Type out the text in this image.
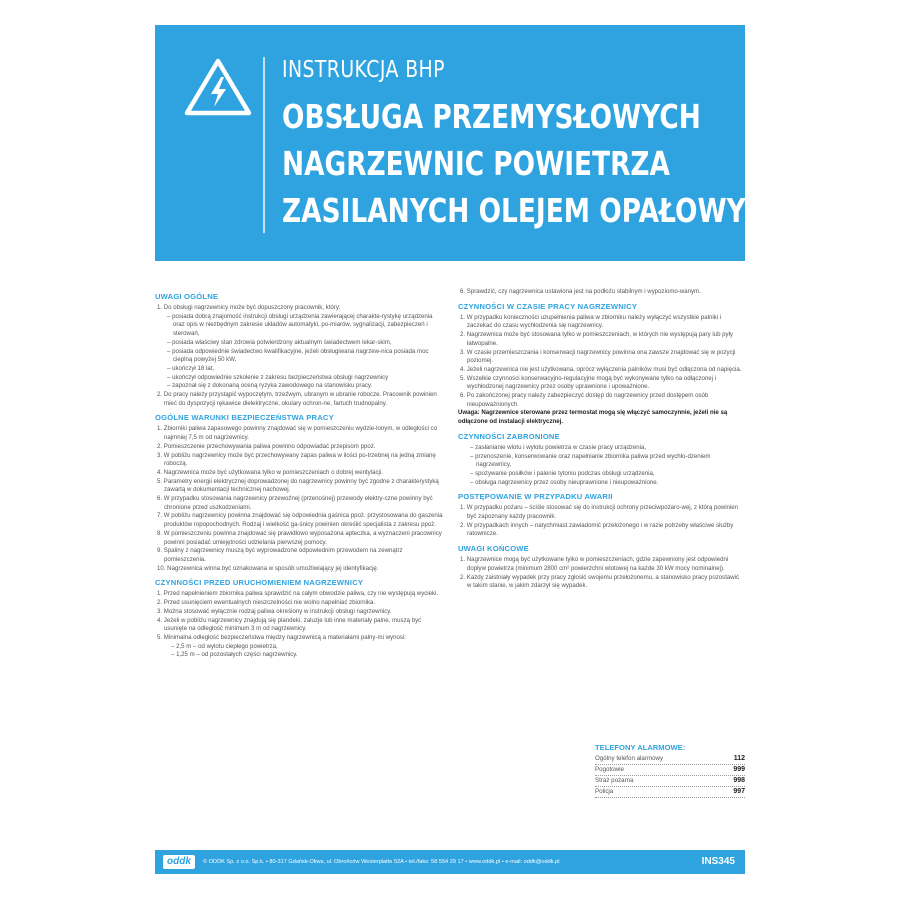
INSTRUKCJA BHP
OBSŁUGA PRZEMYSŁOWYCH
NAGRZEWNIC POWIETRZA
ZASILANYCH OLEJEM OPAŁOWYM
UWAGI OGÓLNE

1. Do obsługi nagrzewnicy może być dopuszczony pracownik, który:

– posiada dobrą znajomość instrukcji obsługi urządzenia zawierającej charakte-rystykę urządzenia oraz opis w niezbędnym zakresie układów automatyki, po-miarów, sygnalizacji, zabezpieczeń i sterowań,

– posiada właściwy stan zdrowia potwierdzony aktualnym świadectwem lekar-skim,

– posiada odpowiednie świadectwo kwalifikacyjne, jeżeli obsługiwana nagrzew-nica posiada moc cieplną powyżej 50 kW,

– ukończył 18 lat,

– ukończył odpowiednie szkolenie z zakresu bezpieczeństwa obsługi nagrzewnicy

– zapoznał się z dokonaną oceną ryzyka zawodowego na stanowisku pracy.

2. Do pracy należy przystąpić wypoczętym, trzeźwym, ubranym w ubranie robocze. Pracownik powinien mieć do dyspozycji rękawice dielektryczne, okulary ochron-ne, fartuch trudnopalny.

OGÓLNE WARUNKI BEZPIECZEŃSTWA PRACY

1. Zbiorniki paliwa zapasowego powinny znajdować się w pomieszczeniu wydzie-lonym, w odległości co najmniej 7,5 m od nagrzewnicy.

2. Pomieszczenie przechowywania paliwa powinno odpowiadać przepisom ppoż.

3. W pobliżu nagrzewnicy może być przechowywany zapas paliwa w ilości po-trzebnej na jedną zmianę roboczą.

4. Nagrzewnica może być użytkowana tylko w pomieszczeniach o dobrej wentylacji.

5. Parametry energii elektrycznej doprowadzonej do nagrzewnicy powinny być zgodne z charakterystyką zawartą w dokumentacji technicznej nachowej.

6. W przypadku stosowania nagrzewnicy przewoźnej (przenośnej) przewody elektry-czne powinny być chronione przed uszkodzeniami.

7. W pobliżu nagrzewnicy powinna znajdować się odpowiednia gaśnica ppoż. przystosowana do gaszenia produktów ropopochodnych. Rodzaj i wielkość ga-śnicy powinien określić specjalista z zakresu ppoż.

8. W pomieszczeniu powinna znajdować się prawidłowo wyposażona apteczka, a wyznaczeni pracownicy powinni posiadać umiejętności udzielania pierwszej pomocy.

9. Spaliny z nagrzewnicy muszą być wyprowadzone odpowiednim przewodem na zewnątrz pomieszczenia.

10. Nagrzewnica winna być oznakowana w sposób umożliwiający jej identyfikację.

CZYNNOŚCI PRZED URUCHOMIENIEM NAGRZEWNICY

1. Przed napełnieniem zbiornika paliwa sprawdzić na całym obwodzie paliwa, czy nie występują wycieki.

2. Przed usunięciem ewentualnych nieszczelności nie wolno napełniać zbiornika.

3. Można stosować wyłącznie rodzaj paliwa określony w instrukcji obsługi nagrzewnicy.

4. Jeżeli w pobliżu nagrzewnicy znajdują się plandeki, żaluzje lub inne materiały palne, muszą być usunięte na odległość minimum 3 m od nagrzewnicy.

5. Minimalna odległość bezpieczeństwa między nagrzewnicą a materiałami palny-mi wynosi:

– 2,5 m – od wylotu ciepłego powietrza,

– 1,25 m – od pozostałych części nagrzewnicy.

6. Sprawdzić, czy nagrzewnica ustawiona jest na podłożu stabilnym i wypoziomo-wanym.

CZYNNOŚCI W CZASIE PRACY NAGRZEWNICY

1. W przypadku konieczności uzupełnienia paliwa w zbiorniku należy wyłączyć wszystkie palniki i zaczekać do czasu wychłodzenia się nagrzewnicy.

2. Nagrzewnica może być stosowana tylko w pomieszczeniach, w których nie występują pary lub pyły łatwopalne.

3. W czasie przemieszczania i konserwacji nagrzewnicy powinna ona zawsze znajdować się w pozycji poziomej.

4. Jeżeli nagrzewnica nie jest użytkowana, oprócz wyłączenia palników musi być odłączona od napięcia.

5. Wszelkie czynności konserwacyjno-regulacyjne mogą być wykonywane tylko na odłączonej i wychłodzonej nagrzewnicy przez osoby uprawnione i upoważnione.

6. Po zakończonej pracy należy zabezpieczyć dostęp do nagrzewnicy przed dostępem osób nieupoważnionych.

Uwaga: Nagrzewnice sterowane przez termostat mogą się włączyć samoczynnie, jeżeli nie są odłączone od instalacji elektrycznej.

CZYNNOŚCI ZABRONIONE

– zasłanianie wlotu i wylotu powietrza w czasie pracy urządzenia,

– przenoszenie, konserwowanie oraz napełnianie zbiornika paliwa przed wychło-dzeniem nagrzewnicy,

– spożywanie posiłków i palenie tytoniu podczas obsługi urządzenia,

– obsługa nagrzewnicy przez osoby nieuprawnione i nieupoważnione.

POSTĘPOWANIE W PRZYPADKU AWARII

1. W przypadku pożaru – ściśle stosować się do instrukcji ochrony przeciwpożaro-wej, z którą powinien być zapoznany każdy pracownik.

2. W przypadkach innych – natychmiast zawiadomić przełożonego i w razie potrzeby właściwe służby ratownicze.

UWAGI KOŃCOWE

1. Nagrzewnice mogą być użytkowane tylko w pomieszczeniach, gdzie zapewniony jest odpowiedni dopływ powietrza (minimum 2800 cm² powierzchni wlotowej na każde 30 kW mocy nominalnej).

2. Każdy zaistniały wypadek przy pracy zgłosić swojemu przełożonemu, a stanowisko pracy pozostawić w takim stanie, w jakim zdarzył się wypadek.

TELEFONY ALARMOWE:
Ogólny telefon alarmowy	112
Pogotowie	999
Straż pożarna	998
Policja	997
oddk	© ODDK Sp. z o.o. Sp.k. • 80-317 Gdańsk-Oliwa, ul. Obrońców Westerplatte 52A • tel./faks: 58 554 29 17 • www.oddk.pl • e-mail: oddk@oddk.pl	INS345
